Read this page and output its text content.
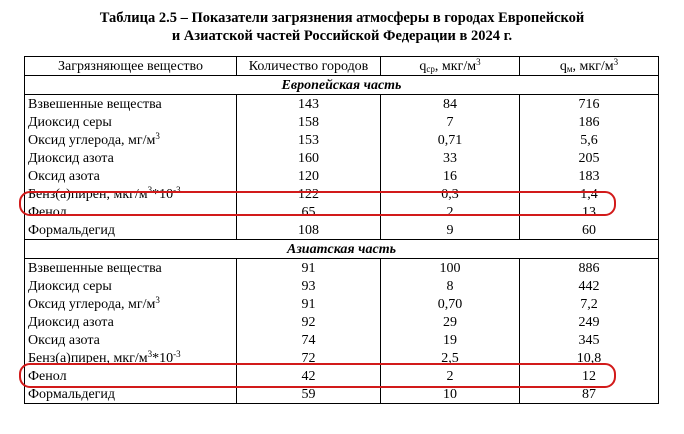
Таблица 2.5 – Показатели загрязнения атмосферы в городах Европейской
и Азиатской частей Российской Федерации в 2024 г.
Загрязняющее вещество	Количество городов	$q_{ср}$, мкг/$м^3$	$q_м$, мкг/$м^3$
Европейская часть			
Взвешенные вещества	143	84	716
Диоксид серы	158	7	186
Оксид углерода, $мг/м^3$	153	0,71	5,6
Диоксид азота	160	33	205
Оксид азота	120	16	183
Бенз(а)пирен, мкг/$м^3*10^{-3}$	122	0,3	1,4
Фенол	65	2	13
Формальдегид	108	9	60
Азиатская часть			
Взвешенные вещества	91	100	886
Диоксид серы	93	8	442
Оксид углерода, $мг/м^3$	91	0,70	7,2
Диоксид азота	92	29	249
Оксид азота	74	19	345
Бенз(а)пирен, мкг/$м^3*10^{-3}$	72	2,5	10,8
Фенол	42	2	12
Формальдегид	59	10	87
